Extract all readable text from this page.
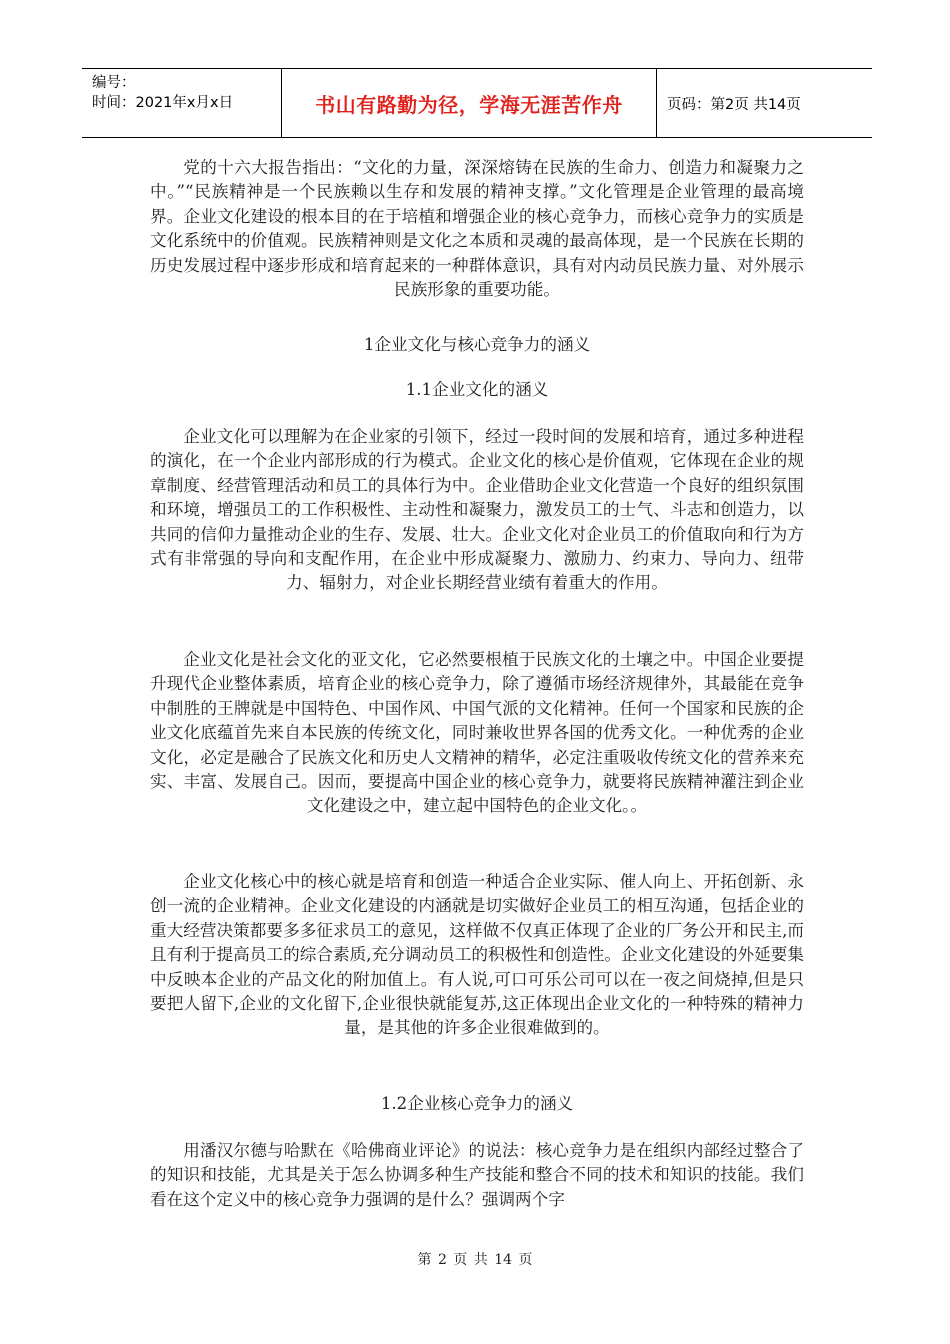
编号：
时间：2021年x月x日	书山有路勤为径，学海无涯苦作舟	页码：第2页 共14页

党的十六大报告指出：“文化的力量，深深熔铸在民族的生命力、创造力和凝聚力之中。”“民族精神是一个民族赖以生存和发展的精神支撑。”文化管理是企业管理的最高境界。企业文化建设的根本目的在于培植和增强企业的核心竞争力，而核心竞争力的实质是文化系统中的价值观。民族精神则是文化之本质和灵魂的最高体现，是一个民族在长期的历史发展过程中逐步形成和培育起来的一种群体意识，具有对内动员民族力量、对外展示民族形象的重要功能。

1企业文化与核心竞争力的涵义
1.1企业文化的涵义

企业文化可以理解为在企业家的引领下，经过一段时间的发展和培育，通过多种进程的演化，在一个企业内部形成的行为模式。企业文化的核心是价值观，它体现在企业的规章制度、经营管理活动和员工的具体行为中。企业借助企业文化营造一个良好的组织氛围和环境，增强员工的工作积极性、主动性和凝聚力，激发员工的士气、斗志和创造力，以共同的信仰力量推动企业的生存、发展、壮大。企业文化对企业员工的价值取向和行为方式有非常强的导向和支配作用，在企业中形成凝聚力、激励力、约束力、导向力、纽带力、辐射力，对企业长期经营业绩有着重大的作用。

企业文化是社会文化的亚文化，它必然要根植于民族文化的土壤之中。中国企业要提升现代企业整体素质，培育企业的核心竞争力，除了遵循市场经济规律外，其最能在竞争中制胜的王牌就是中国特色、中国作风、中国气派的文化精神。任何一个国家和民族的企业文化底蕴首先来自本民族的传统文化，同时兼收世界各国的优秀文化。一种优秀的企业文化，必定是融合了民族文化和历史人文精神的精华，必定注重吸收传统文化的营养来充实、丰富、发展自己。因而，要提高中国企业的核心竞争力，就要将民族精神灌注到企业文化建设之中，建立起中国特色的企业文化。。

企业文化核心中的核心就是培育和创造一种适合企业实际、催人向上、开拓创新、永创一流的企业精神。企业文化建设的内涵就是切实做好企业员工的相互沟通，包括企业的重大经营决策都要多多征求员工的意见，这样做不仅真正体现了企业的厂务公开和民主,而且有利于提高员工的综合素质,充分调动员工的积极性和创造性。企业文化建设的外延要集中反映本企业的产品文化的附加值上。有人说,可口可乐公司可以在一夜之间烧掉,但是只要把人留下,企业的文化留下,企业很快就能复苏,这正体现出企业文化的一种特殊的精神力量，是其他的许多企业很难做到的。

1.2企业核心竞争力的涵义

用潘汉尔德与哈默在《哈佛商业评论》的说法：核心竞争力是在组织内部经过整合了的知识和技能，尤其是关于怎么协调多种生产技能和整合不同的技术和知识的技能。我们看在这个定义中的核心竞争力强调的是什么？强调两个字

第 2 页 共 14 页
